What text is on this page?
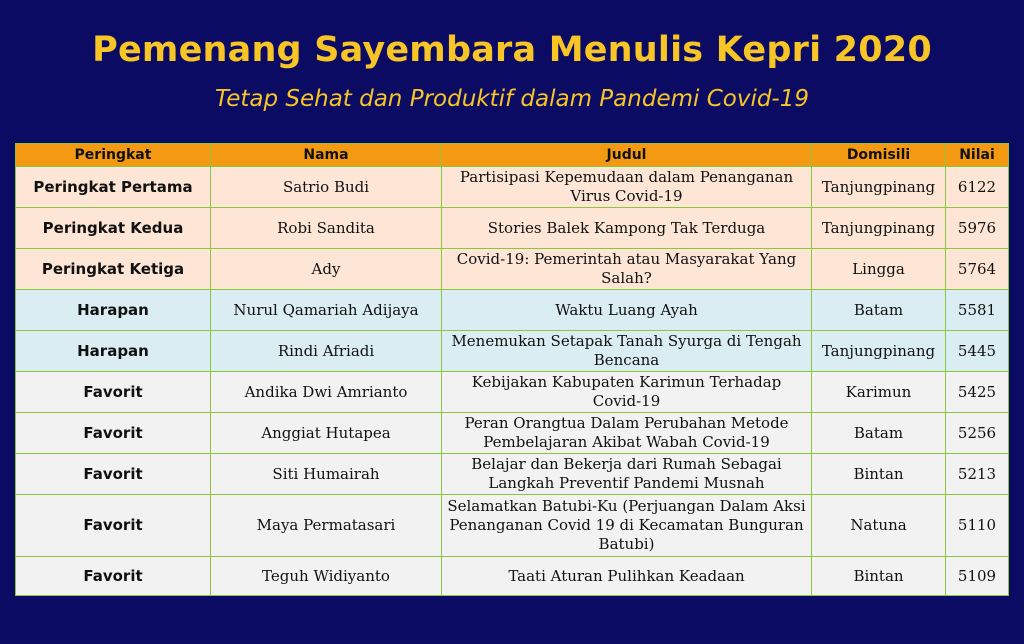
Pemenang Sayembara Menulis Kepri 2020
Tetap Sehat dan Produktif dalam Pandemi Covid-19
Peringkat	Nama	Judul	Domisili	Nilai
Peringkat Pertama	Satrio Budi	Partisipasi Kepemudaan dalam Penanganan Virus Covid-19	Tanjungpinang	6122
Peringkat Kedua	Robi Sandita	Stories Balek Kampong Tak Terduga	Tanjungpinang	5976
Peringkat Ketiga	Ady	Covid-19: Pemerintah atau Masyarakat Yang Salah?	Lingga	5764
Harapan	Nurul Qamariah Adijaya	Waktu Luang Ayah	Batam	5581
Harapan	Rindi Afriadi	Menemukan Setapak Tanah Syurga di Tengah Bencana	Tanjungpinang	5445
Favorit	Andika Dwi Amrianto	Kebijakan Kabupaten Karimun Terhadap Covid-19	Karimun	5425
Favorit	Anggiat Hutapea	Peran Orangtua Dalam Perubahan Metode Pembelajaran Akibat Wabah Covid-19	Batam	5256
Favorit	Siti Humairah	Belajar dan Bekerja dari Rumah Sebagai Langkah Preventif Pandemi Musnah	Bintan	5213
Favorit	Maya Permatasari	Selamatkan Batubi-Ku (Perjuangan Dalam Aksi Penanganan Covid 19 di Kecamatan Bunguran Batubi)	Natuna	5110
Favorit	Teguh Widiyanto	Taati Aturan Pulihkan Keadaan	Bintan	5109
